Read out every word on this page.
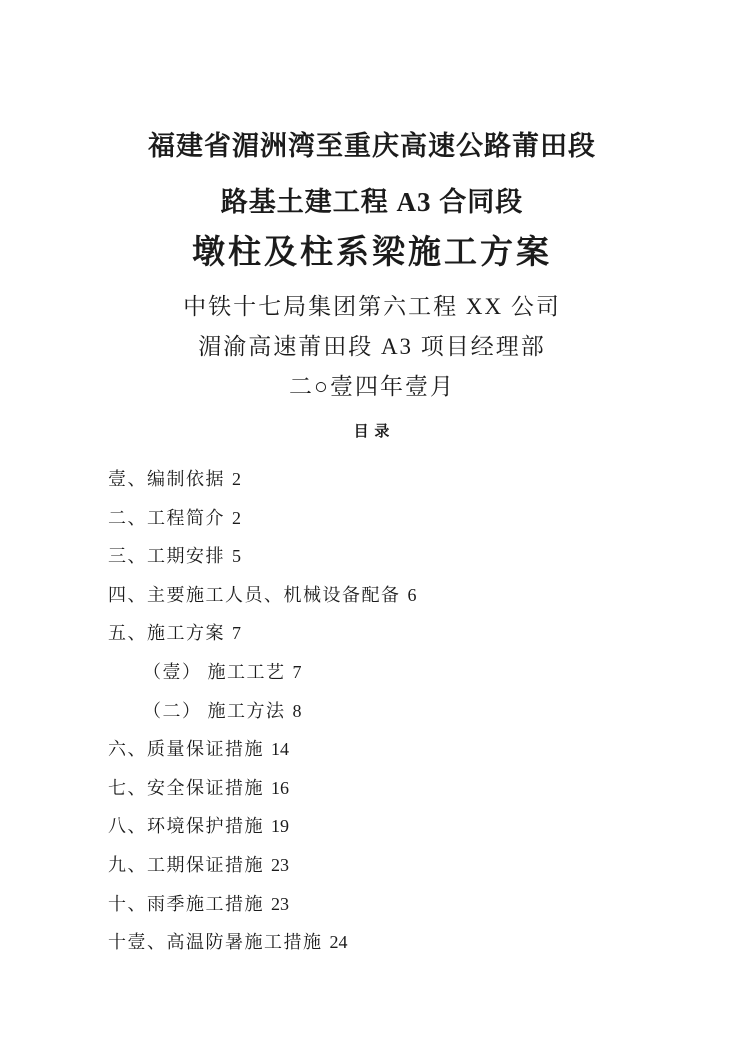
福建省湄洲湾至重庆高速公路莆田段
路基土建工程 A3 合同段
墩柱及柱系梁施工方案
中铁十七局集团第六工程 XX 公司
湄渝高速莆田段 A3 项目经理部
二○壹四年壹月
目 录
壹、编制依据 2
二、工程简介 2
三、工期安排 5
四、主要施工人员、机械设备配备 6
五、施工方案 7
（壹） 施工工艺 7
（二） 施工方法 8
六、质量保证措施 14
七、安全保证措施 16
八、环境保护措施 19
九、工期保证措施 23
十、雨季施工措施 23
十壹、高温防暑施工措施 24
